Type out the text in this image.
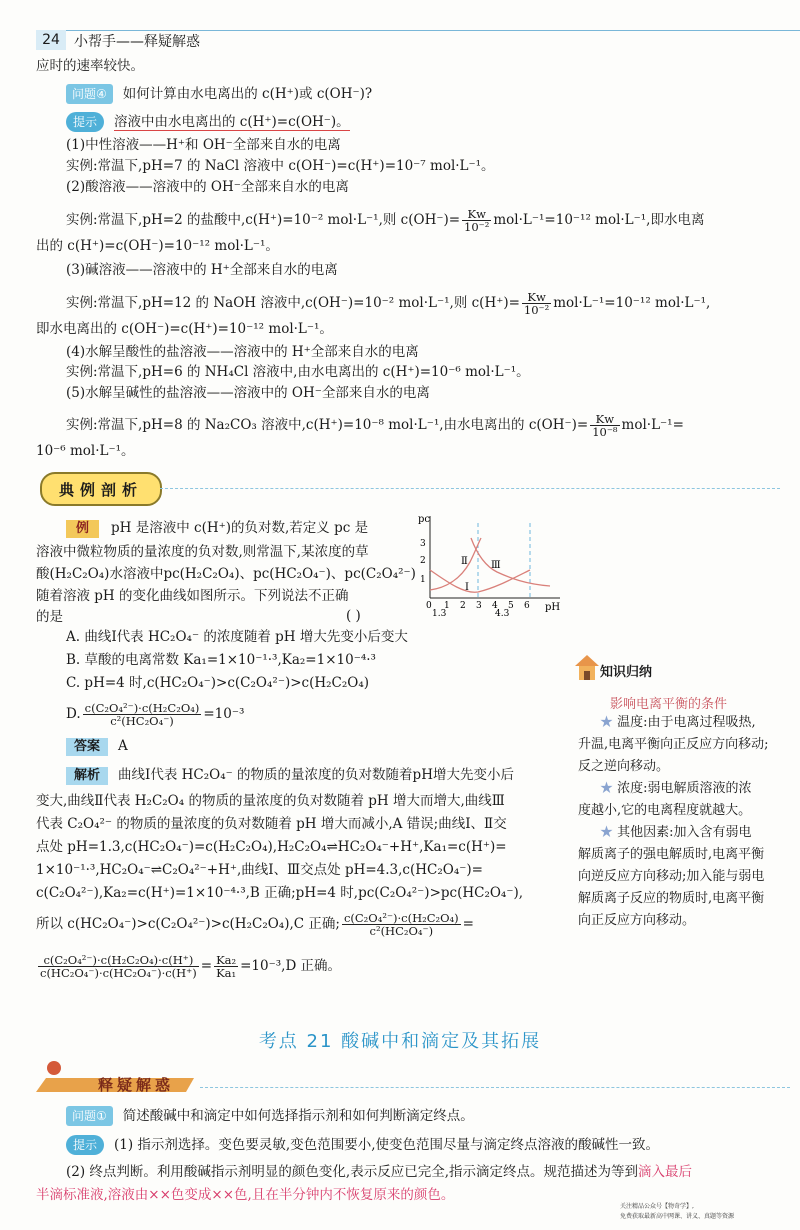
24	小帮手——释疑解惑
应时的速率较快。
问题④ 如何计算由水电离出的 c(H⁺)或 c(OH⁻)?
提示 溶液中由水电离出的 c(H⁺)=c(OH⁻)。
(1)中性溶液——H⁺和 OH⁻全部来自水的电离
实例:常温下,pH=7 的 NaCl 溶液中 c(OH⁻)=c(H⁺)=10⁻⁷ mol·L⁻¹。
(2)酸溶液——溶液中的 OH⁻全部来自水的电离
实例:常温下,pH=2 的盐酸中,c(H⁺)=10⁻² mol·L⁻¹,则 $c(OH^-)= \frac{Kw}{\text{10⁻²}} mol\cdot L^{-1}=10^{-12}$ mol·L⁻¹,即水电离
出的 c(H⁺)=c(OH⁻)=10⁻¹² mol·L⁻¹。
(3)碱溶液——溶液中的 H⁺全部来自水的电离
实例:常温下,pH=12 的 NaOH 溶液中,c(OH⁻)=10⁻² mol·L⁻¹,则 $c(H^+)= \frac{Kw}{\text{10⁻²}} mol\cdot L^{-1}=10^{-12}$ mol·L⁻¹,
即水电离出的 c(OH⁻)=c(H⁺)=10⁻¹² mol·L⁻¹。
(4)水解呈酸性的盐溶液——溶液中的 H⁺全部来自水的电离
实例:常温下,pH=6 的 NH₄Cl 溶液中,由水电离出的 c(H⁺)=10⁻⁶ mol·L⁻¹。
(5)水解呈碱性的盐溶液——溶液中的 OH⁻全部来自水的电离
实例:常温下,pH=8 的 Na₂CO₃ 溶液中,c(H⁺)=10⁻⁸ mol·L⁻¹,由水电离出的 $c(OH^-)= \frac{Kw}{\text{10⁻⁸}} mol\cdot L^{-1}=$
10⁻⁶ mol·L⁻¹。
典例剖析
例 pH 是溶液中 c(H⁺)的负对数,若定义 pc 是
溶液中微粒物质的量浓度的负对数,则常温下,某浓度的草
酸(H₂C₂O₄)水溶液中pc(H₂C₂O₄)、pc(HC₂O₄⁻)、pc(C₂O₄²⁻)
随着溶液 pH 的变化曲线如图所示。下列说法不正确
的是	( )
pc
pH
1
2
3
0 1 2 3 4 5 6
1.3	4.3
Ⅰ
Ⅱ Ⅲ
A. 曲线Ⅰ代表 HC₂O₄⁻ 的浓度随着 pH 增大先变小后变大
B. 草酸的电离常数 Ka₁=1×10⁻¹·³,Ka₂=1×10⁻⁴·³
C. pH=4 时,c(HC₂O₄⁻)>c(C₂O₄²⁻)>c(H₂C₂O₄)
D. $\frac{\text{c(C₂O₄²⁻)·c(H₂C₂O₄)}}{\text{c²(HC₂O₄⁻)}} =10^{-3}$
答案 A
解析 曲线Ⅰ代表 HC₂O₄⁻ 的物质的量浓度的负对数随着pH增大先变小后
变大,曲线Ⅱ代表 H₂C₂O₄ 的物质的量浓度的负对数随着 pH 增大而增大,曲线Ⅲ
代表 C₂O₄²⁻ 的物质的量浓度的负对数随着 pH 增大而减小,A 错误;曲线Ⅰ、Ⅱ交
点处 pH=1.3,c(HC₂O₄⁻)=c(H₂C₂O₄),H₂C₂O₄⇌HC₂O₄⁻+H⁺,Ka₁=c(H⁺)=
1×10⁻¹·³,HC₂O₄⁻⇌C₂O₄²⁻+H⁺,曲线Ⅰ、Ⅲ交点处 pH=4.3,c(HC₂O₄⁻)=
c(C₂O₄²⁻),Ka₂=c(H⁺)=1×10⁻⁴·³,B 正确;pH=4 时,pc(C₂O₄²⁻)>pc(HC₂O₄⁻),
所以 c(HC₂O₄⁻)>c(C₂O₄²⁻)>c(H₂C₂O₄),C 正确; $\frac{\text{c(C₂O₄²⁻)·c(H₂C₂O₄)}}{\text{c²(HC₂O₄⁻)}}$ =
$\frac{\text{c(C₂O₄²⁻)·c(H₂C₂O₄)·c(H⁺)}}{\text{c(HC₂O₄⁻)·c(HC₂O₄⁻)·c(H⁺)}} = \frac{\text{Ka₂}}{\text{Ka₁}} =10^{-3},D$ 正确。
知识归纳
影响电离平衡的条件
★ 温度:由于电离过程吸热,
升温,电离平衡向正反应方向移动;
反之逆向移动。
★ 浓度:弱电解质溶液的浓
度越小,它的电离程度就越大。
★ 其他因素:加入含有弱电
解质离子的强电解质时,电离平衡
向逆反应方向移动;加入能与弱电
解质离子反应的物质时,电离平衡
向正反应方向移动。
考点 21 酸碱中和滴定及其拓展
释疑解惑
问题① 简述酸碱中和滴定中如何选择指示剂和如何判断滴定终点。
提示 (1) 指示剂选择。变色要灵敏,变色范围要小,使变色范围尽量与滴定终点溶液的酸碱性一致。
(2) 终点判断。利用酸碱指示剂明显的颜色变化,表示反应已完全,指示滴定终点。规范描述为等到滴入最后
半滴标准液,溶液由××色变成××色,且在半分钟内不恢复原来的颜色。
关注精品公众号【物奇学】,
免费获取最新高中网课、讲义、真题等资源
